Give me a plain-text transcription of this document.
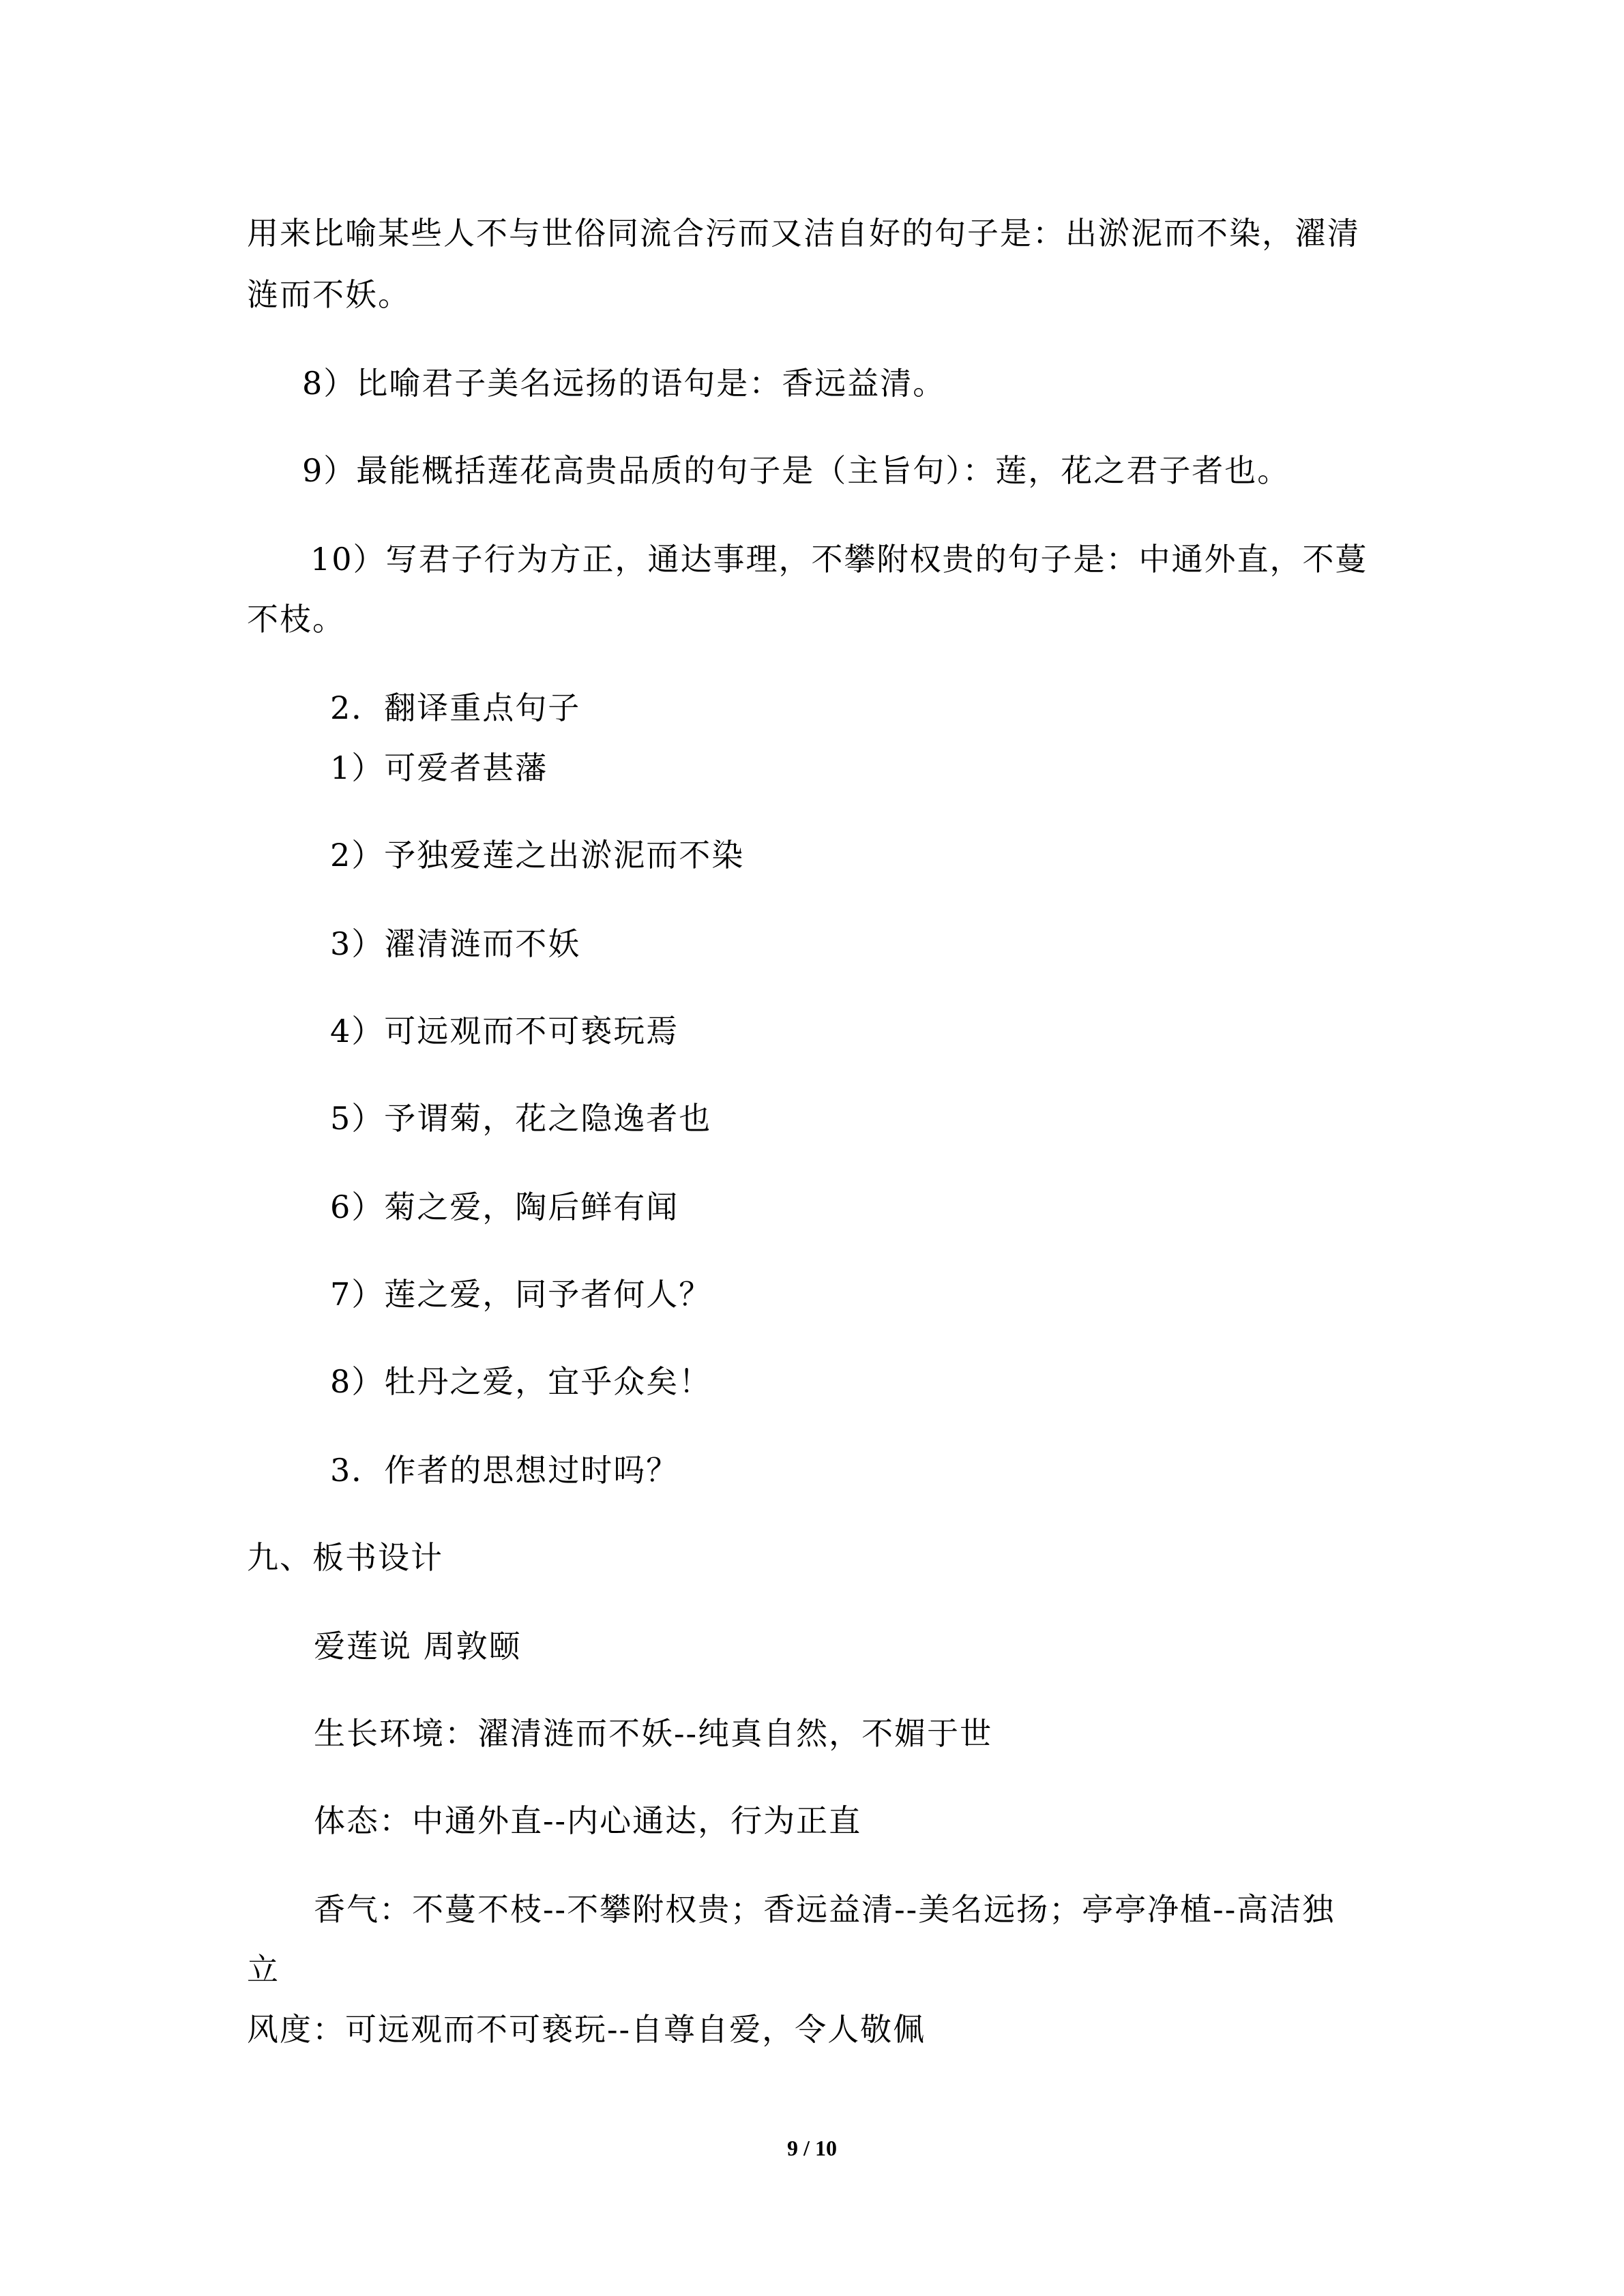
用来比喻某些人不与世俗同流合污而又洁自好的句子是：出淤泥而不染，濯清
涟而不妖。
8）比喻君子美名远扬的语句是：香远益清。
9）最能概括莲花高贵品质的句子是（主旨句）：莲，花之君子者也。
10）写君子行为方正，通达事理，不攀附权贵的句子是：中通外直，不蔓
不枝。
2．翻译重点句子
1）可爱者甚藩
2）予独爱莲之出淤泥而不染
3）濯清涟而不妖
4）可远观而不可亵玩焉
5）予谓菊，花之隐逸者也
6）菊之爱，陶后鲜有闻
7）莲之爱，同予者何人？
8）牡丹之爱，宜乎众矣！
3．作者的思想过时吗？
九、板书设计
爱莲说 周敦颐
生长环境：濯清涟而不妖--纯真自然，不媚于世
体态：中通外直--内心通达，行为正直
香气：不蔓不枝--不攀附权贵；香远益清--美名远扬；亭亭净植--高洁独
立
风度：可远观而不可亵玩--自尊自爱，令人敬佩
9 / 10
